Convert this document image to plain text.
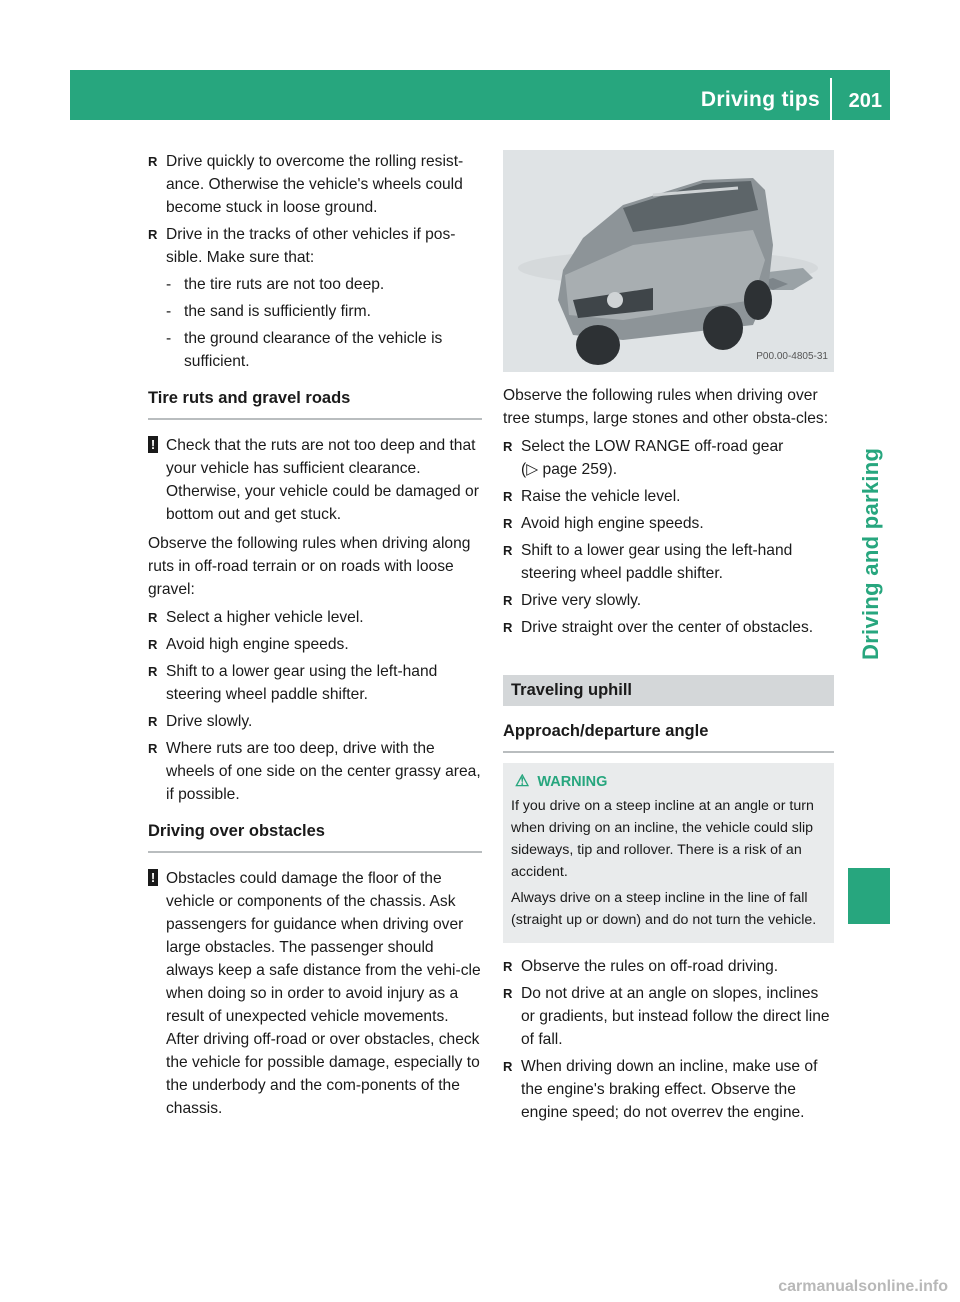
Driving tips 201
Driving and parking
R Drive quickly to overcome the rolling resist-ance. Otherwise the vehicle's wheels could become stuck in loose ground.
R Drive in the tracks of other vehicles if pos-sible. Make sure that:
- the tire ruts are not too deep.
- the sand is sufficiently firm.
- the ground clearance of the vehicle is sufficient.
Tire ruts and gravel roads
! Check that the ruts are not too deep and that your vehicle has sufficient clearance. Otherwise, your vehicle could be damaged or bottom out and get stuck.

Observe the following rules when driving along ruts in off-road terrain or on roads with loose gravel:

R Select a higher vehicle level.
R Avoid high engine speeds.
R Shift to a lower gear using the left-hand steering wheel paddle shifter.
R Drive slowly.
R Where ruts are too deep, drive with the wheels of one side on the center grassy area, if possible.
Driving over obstacles
! Obstacles could damage the floor of the vehicle or components of the chassis. Ask passengers for guidance when driving over large obstacles. The passenger should always keep a safe distance from the vehi-cle when doing so in order to avoid injury as a result of unexpected vehicle movements. After driving off-road or over obstacles, check the vehicle for possible damage, especially to the underbody and the com-ponents of the chassis.
P00.00-4805-31

Observe the following rules when driving over tree stumps, large stones and other obsta-cles:

R Select the LOW RANGE off-road gear
(▷ page 259).
R Raise the vehicle level.
R Avoid high engine speeds.
R Shift to a lower gear using the left-hand steering wheel paddle shifter.
R Drive very slowly.
R Drive straight over the center of obstacles.
Traveling uphill
Approach/departure angle
⚠ WARNING

If you drive on a steep incline at an angle or turn when driving on an incline, the vehicle could slip sideways, tip and rollover. There is a risk of an accident.

Always drive on a steep incline in the line of fall (straight up or down) and do not turn the vehicle.

R Observe the rules on off-road driving.
R Do not drive at an angle on slopes, inclines or gradients, but instead follow the direct line of fall.
R When driving down an incline, make use of the engine's braking effect. Observe the engine speed; do not overrev the engine.
carmanualsonline.info
